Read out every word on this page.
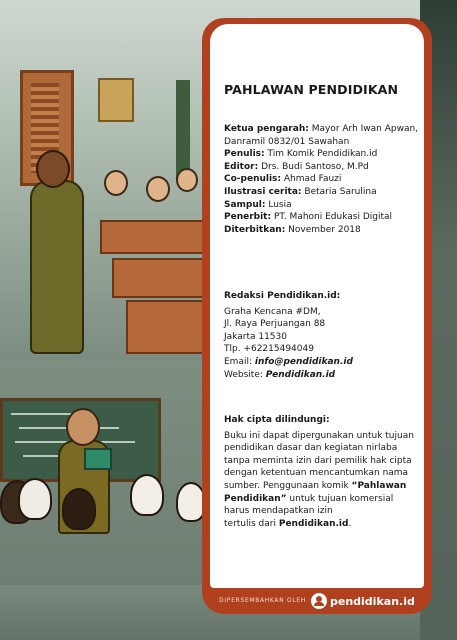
PAHLAWAN PENDIDIKAN
Ketua pengarah: Mayor Arh Iwan Apwan,
Danramil 0832/01 Sawahan
Penulis: Tim Komik Pendidikan.id
Editor: Drs. Budi Santoso, M.Pd
Co-penulis: Ahmad Fauzi
Ilustrasi cerita: Betaria Sarulina
Sampul: Lusia
Penerbit: PT. Mahoni Edukasi Digital
Diterbitkan: November 2018
Redaksi Pendidikan.id:
Graha Kencana #DM,
Jl. Raya Perjuangan 88
Jakarta 11530
Tlp. +62215494049
Email: info@pendidikan.id
Website: Pendidikan.id
Hak cipta dilindungi:
Buku ini dapat dipergunakan untuk tujuan
pendidikan dasar dan kegiatan nirlaba
tanpa meminta izin dari pemilik hak cipta
dengan ketentuan mencantumkan nama
sumber. Penggunaan komik “Pahlawan
Pendidikan” untuk tujuan komersial
harus mendapatkan izin
tertulis dari Pendidikan.id.
DIPERSEMBAHKAN OLEH pendidikan.id
